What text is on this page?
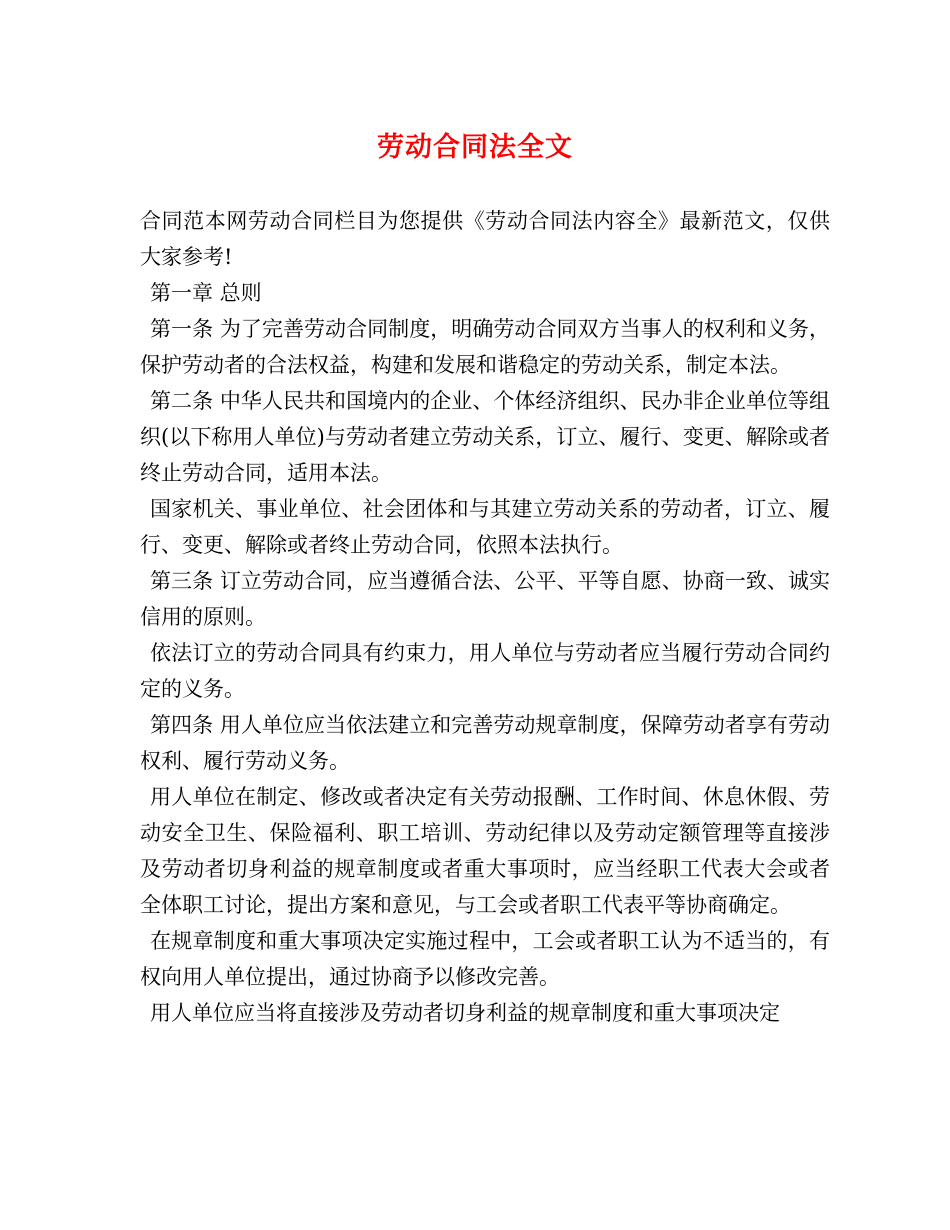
劳动合同法全文

合同范本网劳动合同栏目为您提供《劳动合同法内容全》最新范文，仅供大家参考!

第一章 总则

第一条 为了完善劳动合同制度，明确劳动合同双方当事人的权利和义务，保护劳动者的合法权益，构建和发展和谐稳定的劳动关系，制定本法。

第二条 中华人民共和国境内的企业、个体经济组织、民办非企业单位等组织(以下称用人单位)与劳动者建立劳动关系，订立、履行、变更、解除或者终止劳动合同，适用本法。

国家机关、事业单位、社会团体和与其建立劳动关系的劳动者，订立、履行、变更、解除或者终止劳动合同，依照本法执行。

第三条 订立劳动合同，应当遵循合法、公平、平等自愿、协商一致、诚实信用的原则。

依法订立的劳动合同具有约束力，用人单位与劳动者应当履行劳动合同约定的义务。

第四条 用人单位应当依法建立和完善劳动规章制度，保障劳动者享有劳动权利、履行劳动义务。

用人单位在制定、修改或者决定有关劳动报酬、工作时间、休息休假、劳动安全卫生、保险福利、职工培训、劳动纪律以及劳动定额管理等直接涉及劳动者切身利益的规章制度或者重大事项时，应当经职工代表大会或者全体职工讨论，提出方案和意见，与工会或者职工代表平等协商确定。

在规章制度和重大事项决定实施过程中，工会或者职工认为不适当的，有权向用人单位提出，通过协商予以修改完善。

用人单位应当将直接涉及劳动者切身利益的规章制度和重大事项决定
